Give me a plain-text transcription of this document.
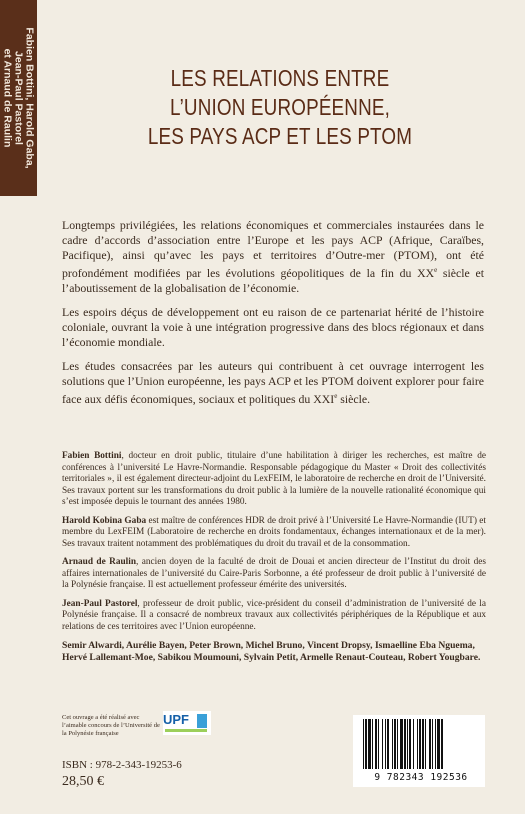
Fabien Bottini, Harold Gaba,
Jean-Paul Pastorel
et Arnaud de Raulin	LES RELATIONS ENTRE
L’UNION EUROPÉENNE,
LES PAYS ACP ET LES PTOM

Longtemps privilégiées, les relations économiques et commerciales instaurées dans le cadre d’accords d’association entre l’Europe et les pays ACP (Afrique, Caraïbes, Pacifique), ainsi qu’avec les pays et territoires d’Outre-mer (PTOM), ont été profondément modifiées par les évolutions géopolitiques de la fin du XXe siècle et l’aboutissement de la globalisation de l’économie.

Les espoirs déçus de développement ont eu raison de ce partenariat hérité de l’histoire coloniale, ouvrant la voie à une intégration progressive dans des blocs régionaux et dans l’économie mondiale.

Les études consacrées par les auteurs qui contribuent à cet ouvrage interrogent les solutions que l’Union européenne, les pays ACP et les PTOM doivent explorer pour faire face aux défis économiques, sociaux et politiques du XXIe siècle.

Fabien Bottini, docteur en droit public, titulaire d’une habilitation à diriger les recherches, est maître de conférences à l’université Le Havre-Normandie. Responsable pédagogique du Master « Droit des collectivités territoriales », il est également directeur-adjoint du LexFEIM, le laboratoire de recherche en droit de l’Université. Ses travaux portent sur les transformations du droit public à la lumière de la nouvelle rationalité économique qui s’est imposée depuis le tournant des années 1980.

Harold Kobina Gaba est maître de conférences HDR de droit privé à l’Université Le Havre-Normandie (IUT) et membre du LexFEIM (Laboratoire de recherche en droits fondamentaux, échanges internationaux et de la mer). Ses travaux traitent notamment des problématiques du droit du travail et de la consommation.

Arnaud de Raulin, ancien doyen de la faculté de droit de Douai et ancien directeur de l’Institut du droit des affaires internationales de l’université du Caire-Paris Sorbonne, a été professeur de droit public à l’université de la Polynésie française. Il est actuellement professeur émérite des universités.

Jean-Paul Pastorel, professeur de droit public, vice-président du conseil d’administration de l’université de la Polynésie française. Il a consacré de nombreux travaux aux collectivités périphériques de la République et aux relations de ces territoires avec l’Union européenne.

Semir Alwardi, Aurélie Bayen, Peter Brown, Michel Bruno, Vincent Dropsy, Ismaelline Eba Nguema, Hervé Lallemant-Moe, Sabikou Moumouni, Sylvain Petit, Armelle Renaut-Couteau, Robert Yougbare.

Cet ouvrage a été réalisé avec l’aimable concours de l’Université de la Polynésie française
UPF
ISBN : 978-2-343-19253-6
28,50 €	9 782343 192536
